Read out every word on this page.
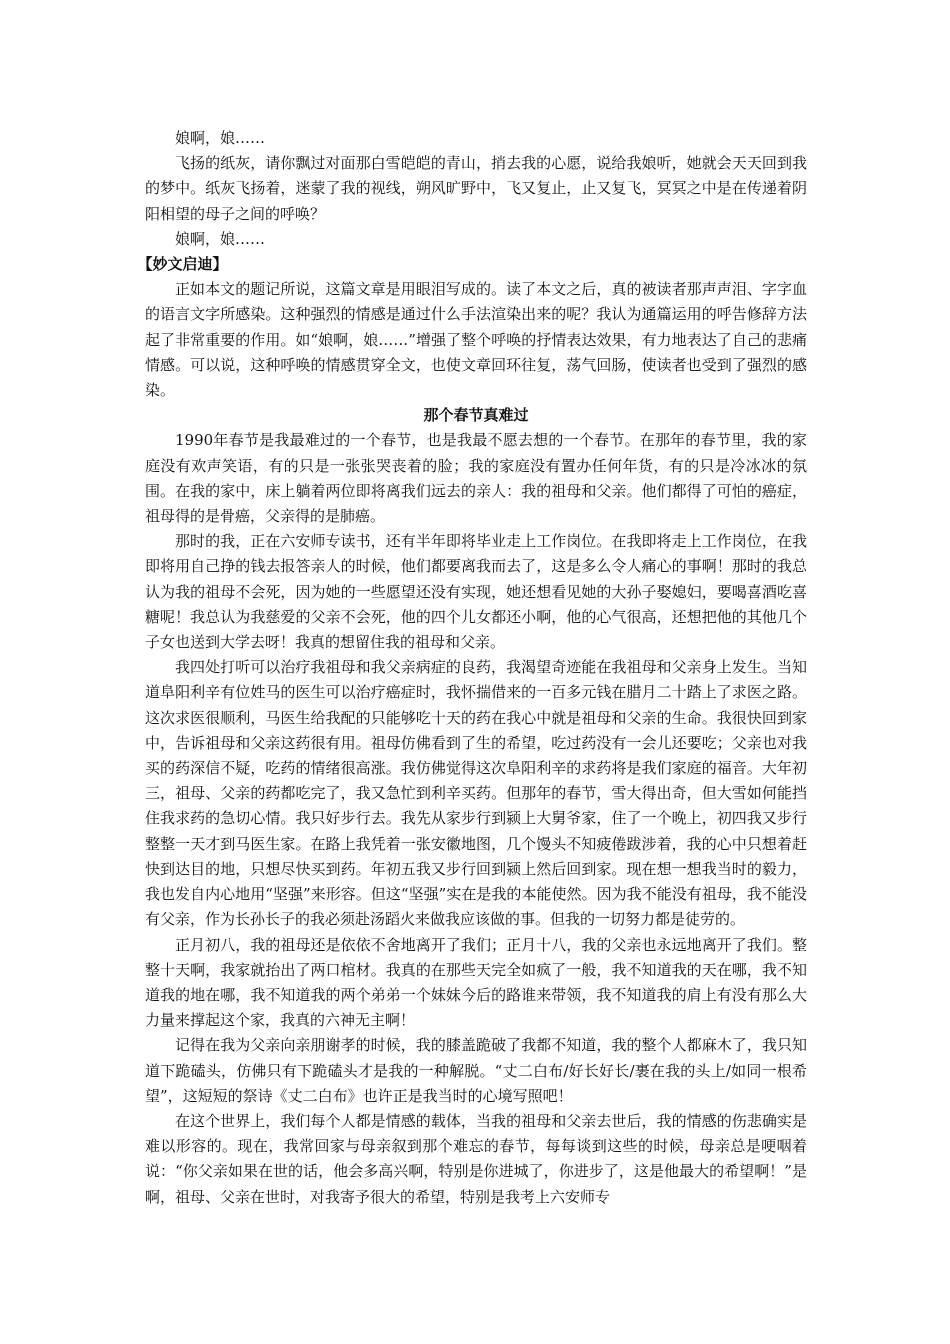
娘啊，娘……

飞扬的纸灰，请你飘过对面那白雪皑皑的青山，捎去我的心愿，说给我娘听，她就会天天回到我的梦中。纸灰飞扬着，迷蒙了我的视线，朔风旷野中，飞又复止，止又复飞，冥冥之中是在传递着阴阳相望的母子之间的呼唤？

娘啊，娘……

【妙文启迪】

正如本文的题记所说，这篇文章是用眼泪写成的。读了本文之后，真的被读者那声声泪、字字血的语言文字所感染。这种强烈的情感是通过什么手法渲染出来的呢？我认为通篇运用的呼告修辞方法起了非常重要的作用。如“娘啊，娘……”增强了整个呼唤的抒情表达效果，有力地表达了自己的悲痛情感。可以说，这种呼唤的情感贯穿全文，也使文章回环往复，荡气回肠，使读者也受到了强烈的感染。

那个春节真难过

1990年春节是我最难过的一个春节，也是我最不愿去想的一个春节。在那年的春节里，我的家庭没有欢声笑语，有的只是一张张哭丧着的脸；我的家庭没有置办任何年货，有的只是冷冰冰的氛围。在我的家中，床上躺着两位即将离我们远去的亲人：我的祖母和父亲。他们都得了可怕的癌症，祖母得的是骨癌，父亲得的是肺癌。

那时的我，正在六安师专读书，还有半年即将毕业走上工作岗位。在我即将走上工作岗位，在我即将用自己挣的钱去报答亲人的时候，他们都要离我而去了，这是多么令人痛心的事啊！那时的我总认为我的祖母不会死，因为她的一些愿望还没有实现，她还想看见她的大孙子娶媳妇，要喝喜酒吃喜糖呢！我总认为我慈爱的父亲不会死，他的四个儿女都还小啊，他的心气很高，还想把他的其他几个子女也送到大学去呀！我真的想留住我的祖母和父亲。

我四处打听可以治疗我祖母和我父亲病症的良药，我渴望奇迹能在我祖母和父亲身上发生。当知道阜阳利辛有位姓马的医生可以治疗癌症时，我怀揣借来的一百多元钱在腊月二十踏上了求医之路。这次求医很顺利，马医生给我配的只能够吃十天的药在我心中就是祖母和父亲的生命。我很快回到家中，告诉祖母和父亲这药很有用。祖母仿佛看到了生的希望，吃过药没有一会儿还要吃；父亲也对我买的药深信不疑，吃药的情绪很高涨。我仿佛觉得这次阜阳利辛的求药将是我们家庭的福音。大年初三，祖母、父亲的药都吃完了，我又急忙到利辛买药。但那年的春节，雪大得出奇，但大雪如何能挡住我求药的急切心情。我只好步行去。我先从家步行到颍上大舅爷家，住了一个晚上，初四我又步行整整一天才到马医生家。在路上我凭着一张安徽地图，几个馒头不知疲倦跋涉着，我的心中只想着赶快到达目的地，只想尽快买到药。年初五我又步行回到颍上然后回到家。现在想一想我当时的毅力，我也发自内心地用“坚强”来形容。但这“坚强”实在是我的本能使然。因为我不能没有祖母，我不能没有父亲，作为长孙长子的我必须赴汤蹈火来做我应该做的事。但我的一切努力都是徒劳的。

正月初八，我的祖母还是依依不舍地离开了我们；正月十八，我的父亲也永远地离开了我们。整整十天啊，我家就抬出了两口棺材。我真的在那些天完全如疯了一般，我不知道我的天在哪，我不知道我的地在哪，我不知道我的两个弟弟一个妹妹今后的路谁来带领，我不知道我的肩上有没有那么大力量来撑起这个家，我真的六神无主啊！

记得在我为父亲向亲朋谢孝的时候，我的膝盖跪破了我都不知道，我的整个人都麻木了，我只知道下跪磕头，仿佛只有下跪磕头才是我的一种解脱。“丈二白布/好长好长/裹在我的头上/如同一根希望”，这短短的祭诗《丈二白布》也许正是我当时的心境写照吧！

在这个世界上，我们每个人都是情感的载体，当我的祖母和父亲去世后，我的情感的伤悲确实是难以形容的。现在，我常回家与母亲叙到那个难忘的春节，每每谈到这些的时候，母亲总是哽咽着说：“你父亲如果在世的话，他会多高兴啊，特别是你进城了，你进步了，这是他最大的希望啊！”是啊，祖母、父亲在世时，对我寄予很大的希望，特别是我考上六安师专
